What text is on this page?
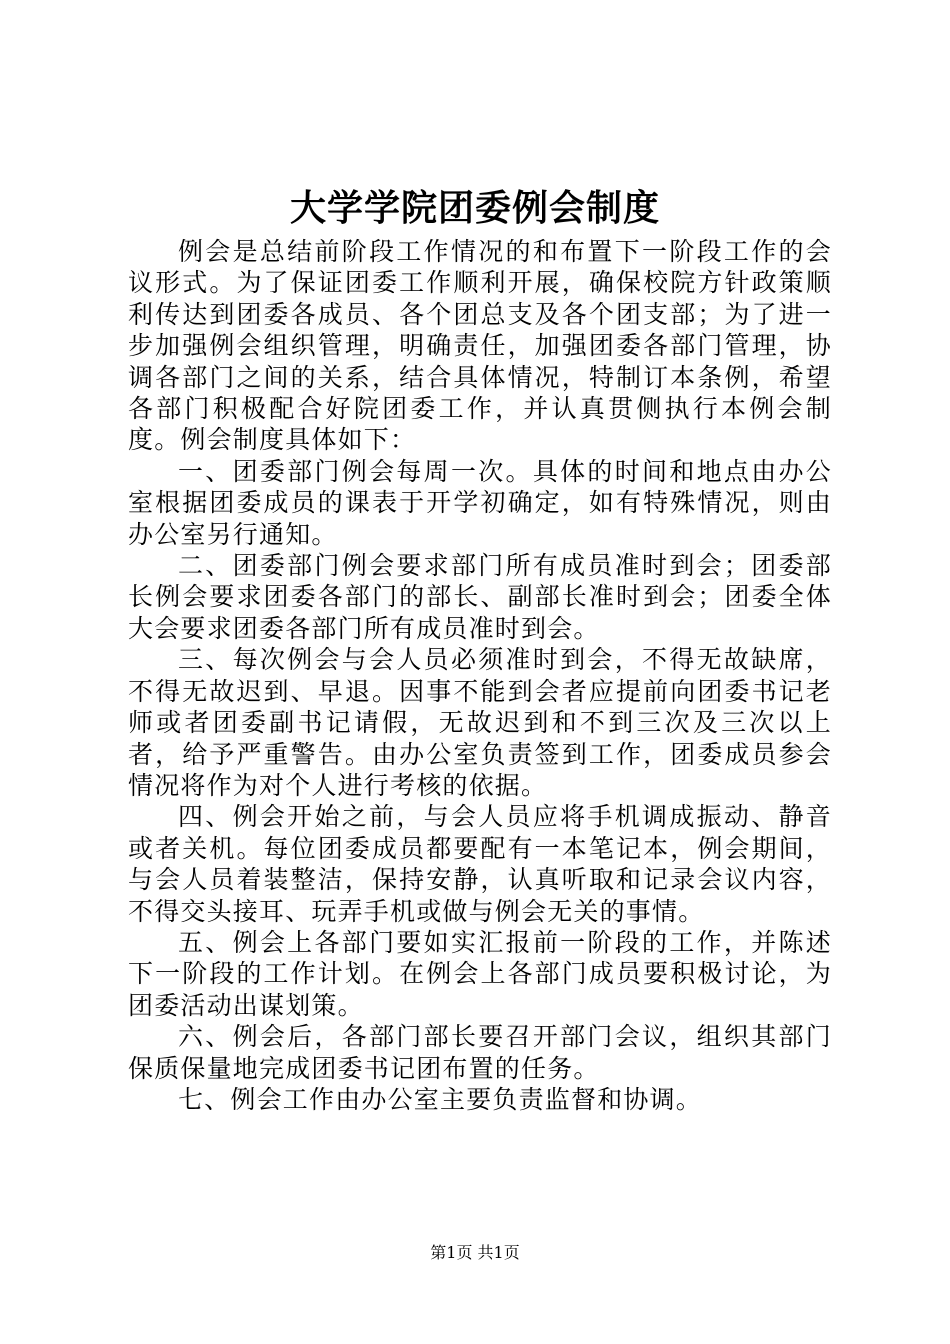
大学学院团委例会制度

例会是总结前阶段工作情况的和布置下一阶段工作的会议形式。为了保证团委工作顺利开展，确保校院方针政策顺利传达到团委各成员、各个团总支及各个团支部；为了进一步加强例会组织管理，明确责任，加强团委各部门管理，协调各部门之间的关系，结合具体情况，特制订本条例，希望各部门积极配合好院团委工作，并认真贯侧执行本例会制度。例会制度具体如下：

一、团委部门例会每周一次。具体的时间和地点由办公室根据团委成员的课表于开学初确定，如有特殊情况，则由办公室另行通知。

二、团委部门例会要求部门所有成员准时到会；团委部长例会要求团委各部门的部长、副部长准时到会；团委全体大会要求团委各部门所有成员准时到会。

三、每次例会与会人员必须准时到会，不得无故缺席，不得无故迟到、早退。因事不能到会者应提前向团委书记老师或者团委副书记请假，无故迟到和不到三次及三次以上者，给予严重警告。由办公室负责签到工作，团委成员参会情况将作为对个人进行考核的依据。

四、例会开始之前，与会人员应将手机调成振动、静音或者关机。每位团委成员都要配有一本笔记本，例会期间，与会人员着装整洁，保持安静，认真听取和记录会议内容，不得交头接耳、玩弄手机或做与例会无关的事情。

五、例会上各部门要如实汇报前一阶段的工作，并陈述下一阶段的工作计划。在例会上各部门成员要积极讨论，为团委活动出谋划策。

六、例会后，各部门部长要召开部门会议，组织其部门保质保量地完成团委书记团布置的任务。

七、例会工作由办公室主要负责监督和协调。

第1页 共1页
